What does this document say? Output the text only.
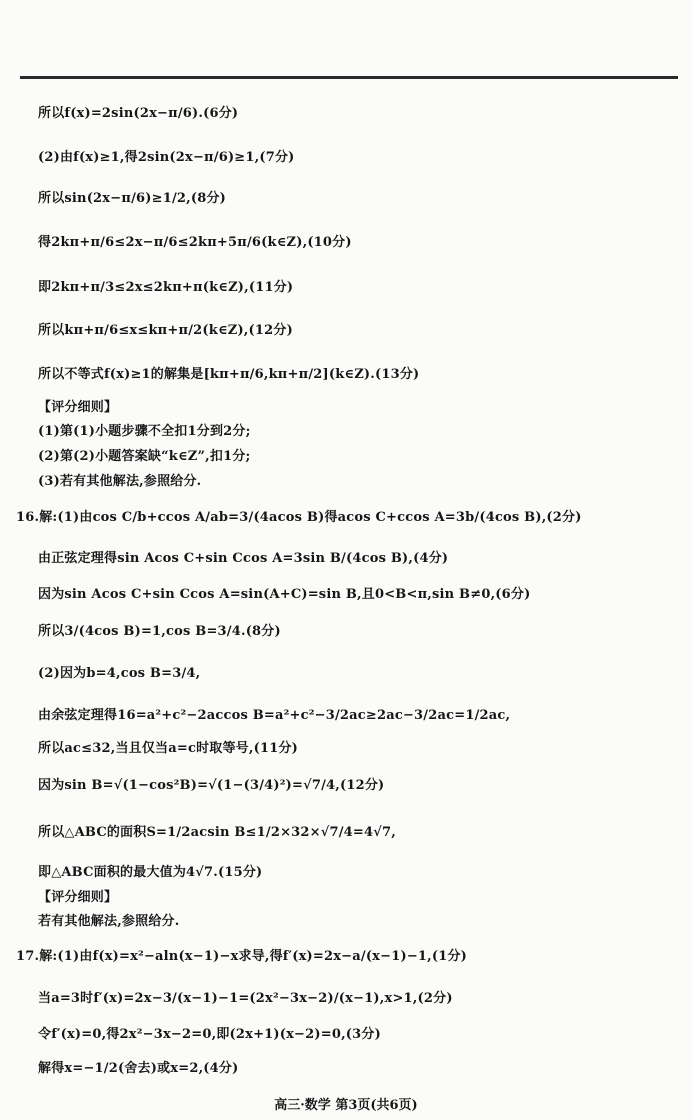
所以f(x)=2sin(2x−π/6).(6分)
(2)由f(x)≥1,得2sin(2x−π/6)≥1,(7分)
所以sin(2x−π/6)≥1/2,(8分)
得2kπ+π/6≤2x−π/6≤2kπ+5π/6(k∈Z),(10分)
即2kπ+π/3≤2x≤2kπ+π(k∈Z),(11分)
所以kπ+π/6≤x≤kπ+π/2(k∈Z),(12分)
所以不等式f(x)≥1的解集是[kπ+π/6,kπ+π/2](k∈Z).(13分)
【评分细则】
(1)第(1)小题步骤不全扣1分到2分;
(2)第(2)小题答案缺“k∈Z”,扣1分;
(3)若有其他解法,参照给分.
16.解:(1)由cos C/b+ccos A/ab=3/(4acos B)得acos C+ccos A=3b/(4cos B),(2分)
由正弦定理得sin Acos C+sin Ccos A=3sin B/(4cos B),(4分)
因为sin Acos C+sin Ccos A=sin(A+C)=sin B,且0<B<π,sin B≠0,(6分)
所以3/(4cos B)=1,cos B=3/4.(8分)
(2)因为b=4,cos B=3/4,
由余弦定理得16=a²+c²−2accos B=a²+c²−3/2ac≥2ac−3/2ac=1/2ac,
所以ac≤32,当且仅当a=c时取等号,(11分)
因为sin B=√(1−cos²B)=√(1−(3/4)²)=√7/4,(12分)
所以△ABC的面积S=1/2acsin B≤1/2×32×√7/4=4√7,
即△ABC面积的最大值为4√7.(15分)
【评分细则】
若有其他解法,参照给分.
17.解:(1)由f(x)=x²−aln(x−1)−x求导,得f′(x)=2x−a/(x−1)−1,(1分)
当a=3时f′(x)=2x−3/(x−1)−1=(2x²−3x−2)/(x−1),x>1,(2分)
令f′(x)=0,得2x²−3x−2=0,即(2x+1)(x−2)=0,(3分)
解得x=−1/2(舍去)或x=2,(4分)
高三·数学 第3页(共6页)
